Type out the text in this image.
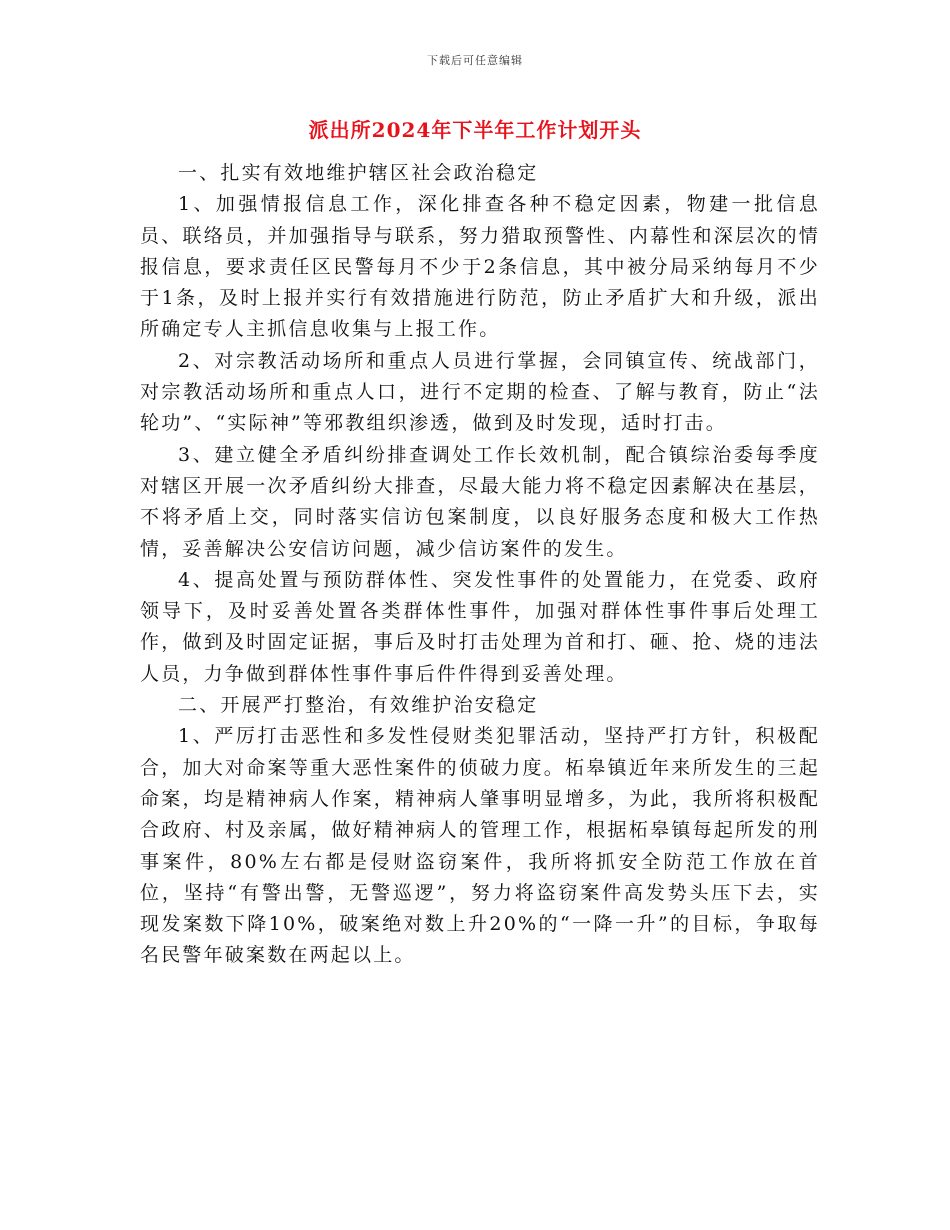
下载后可任意编辑
派出所2024年下半年工作计划开头

一、扎实有效地维护辖区社会政治稳定

1、加强情报信息工作，深化排查各种不稳定因素，物建一批信息员、联络员，并加强指导与联系，努力猎取预警性、内幕性和深层次的情报信息，要求责任区民警每月不少于2条信息，其中被分局采纳每月不少于1条，及时上报并实行有效措施进行防范，防止矛盾扩大和升级，派出所确定专人主抓信息收集与上报工作。

2、对宗教活动场所和重点人员进行掌握，会同镇宣传、统战部门，对宗教活动场所和重点人口，进行不定期的检查、了解与教育，防止“法轮功”、“实际神”等邪教组织渗透，做到及时发现，适时打击。

3、建立健全矛盾纠纷排查调处工作长效机制，配合镇综治委每季度对辖区开展一次矛盾纠纷大排查，尽最大能力将不稳定因素解决在基层，不将矛盾上交，同时落实信访包案制度，以良好服务态度和极大工作热情，妥善解决公安信访问题，减少信访案件的发生。

4、提高处置与预防群体性、突发性事件的处置能力，在党委、政府领导下，及时妥善处置各类群体性事件，加强对群体性事件事后处理工作，做到及时固定证据，事后及时打击处理为首和打、砸、抢、烧的违法人员，力争做到群体性事件事后件件得到妥善处理。

二、开展严打整治，有效维护治安稳定

1、严厉打击恶性和多发性侵财类犯罪活动，坚持严打方针，积极配合，加大对命案等重大恶性案件的侦破力度。柘皋镇近年来所发生的三起命案，均是精神病人作案，精神病人肇事明显增多，为此，我所将积极配合政府、村及亲属，做好精神病人的管理工作，根据柘皋镇每起所发的刑事案件，80%左右都是侵财盗窃案件，我所将抓安全防范工作放在首位，坚持“有警出警，无警巡逻”，努力将盗窃案件高发势头压下去，实现发案数下降10%，破案绝对数上升20%的“一降一升”的目标，争取每名民警年破案数在两起以上。
